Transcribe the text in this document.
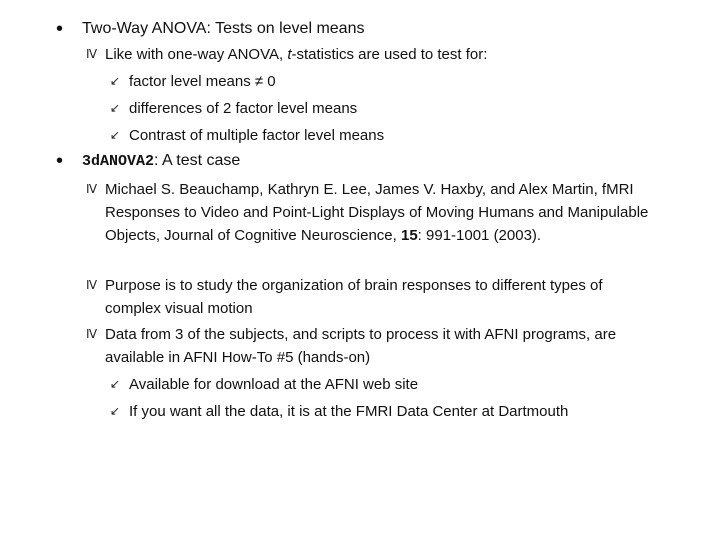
•	Two-Way ANOVA: Tests on level means
Ⅳ Like with one-way ANOVA, t-statistics are used to test for:
↙ factor level means ≠ 0
↙ differences of 2 factor level means
↙ Contrast of multiple factor level means
•	3dANOVA2: A test case
Ⅳ Michael S. Beauchamp, Kathryn E. Lee, James V. Haxby, and Alex Martin, fMRI Responses to Video and Point-Light Displays of Moving Humans and Manipulable Objects, Journal of Cognitive Neuroscience, 15: 991-1001 (2003).
Ⅳ Purpose is to study the organization of brain responses to different types of complex visual motion
Ⅳ Data from 3 of the subjects, and scripts to process it with AFNI programs, are available in AFNI How-To #5 (hands-on)
↙ Available for download at the AFNI web site
↙ If you want all the data, it is at the FMRI Data Center at Dartmouth
